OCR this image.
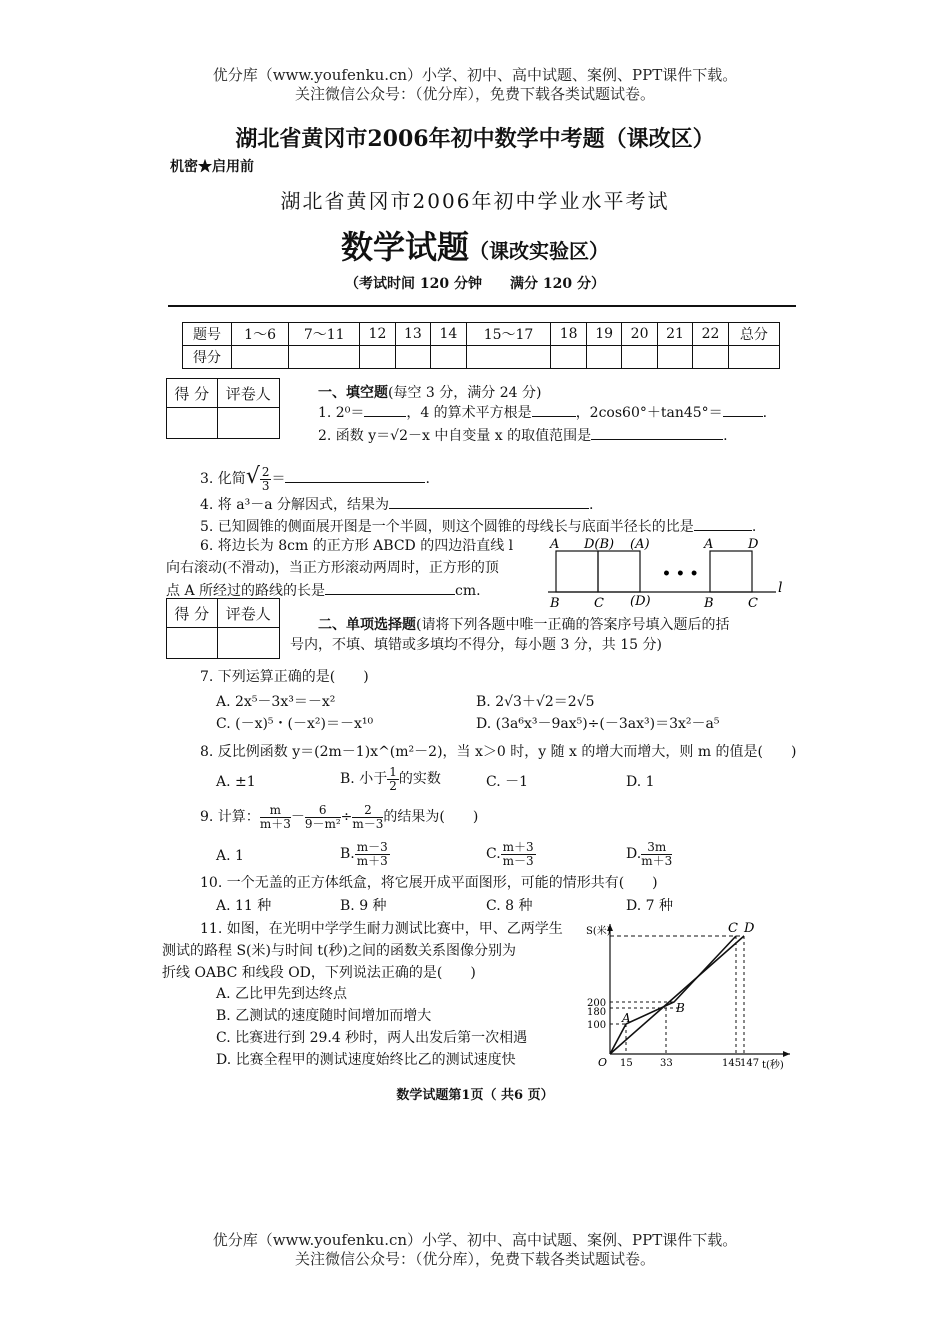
优分库（www.youfenku.cn）小学、初中、高中试题、案例、PPT课件下载。
关注微信公众号：（优分库），免费下载各类试题试卷。
湖北省黄冈市2006年初中数学中考题（课改区）
机密★启用前
湖北省黄冈市2006年初中学业水平考试
数学试题（课改实验区）
（考试时间 120 分钟　　满分 120 分）
题号	1～6	7～11	12	13	14	15～17	18	19	20	21	22	总分
得分												
得 分	评卷人
		一、填空题(每空 3 分，满分 24 分)
1. 2⁰＝	，4 的算术平方根是	，2cos60°＋tan45°＝	.
2. 函数 y＝√2－x 中自变量 x 的取值范围是	.
3. 化简√ $\frac{2}{3}$ ＝	.
4. 将 a³－a 分解因式，结果为	.
5. 已知圆锥的侧面展开图是一个半圆，则这个圆锥的母线长与底面半径长的比是	.
6. 将边长为 8cm 的正方形 ABCD 的四边沿直线 l
向右滚动(不滑动)，当正方形滚动两周时，正方形的顶
点 A 所经过的路线的长是	cm.
• • •
A D(B) (A)	A	D
B	C (D)	B	C
l
得 分	评卷人

二、单项选择题(请将下列各题中唯一正确的答案序号填入题后的括
号内，不填、填错或多填均不得分，每小题 3 分，共 15 分)
7. 下列运算正确的是(　　)
A. 2x⁵－3x³＝－x²	B. 2√3＋√2＝2√5
C. (－x)⁵・(－x²)＝－x¹⁰	D. (3a⁶x³－9ax⁵)÷(－3ax³)＝3x²－a⁵
8. 反比例函数 y＝(2m－1)x^(m²－2)，当 x＞0 时，y 随 x 的增大而增大，则 m 的值是(　　)
A. ±1	B. 小于 $\frac{1}{2}$ 的实数	C. －1	D. 1
9. 计算： $\frac{m}{m+3} - \frac{6}{\text{9－m²}} \div \frac{2}{m-3}$ 的结果为(　　)
A. 1	B. $\frac{m-3}{m+3}$	C. $\frac{m+3}{m-3}$	D. $\frac{3m}{m+3}$
10. 一个无盖的正方体纸盒，将它展开成平面图形，可能的情形共有(　　)
A. 11 种	B. 9 种	C. 8 种	D. 7 种
11. 如图，在光明中学学生耐力测试比赛中，甲、乙两学生
测试的路程 S(米)与时间 t(秒)之间的函数关系图像分别为
折线 OABC 和线段 OD，下列说法正确的是(　　)
A. 乙比甲先到达终点
B. 乙测试的速度随时间增加而增大
C. 比赛进行到 29.4 秒时，两人出发后第一次相遇
D. 比赛全程甲的测试速度始终比乙的测试速度快
S(米)
t(秒)
O
200
180
100
15	33	145
147
A
B
C D
数学试题第1页（ 共6 页）
优分库（www.youfenku.cn）小学、初中、高中试题、案例、PPT课件下载。
关注微信公众号：（优分库），免费下载各类试题试卷。
